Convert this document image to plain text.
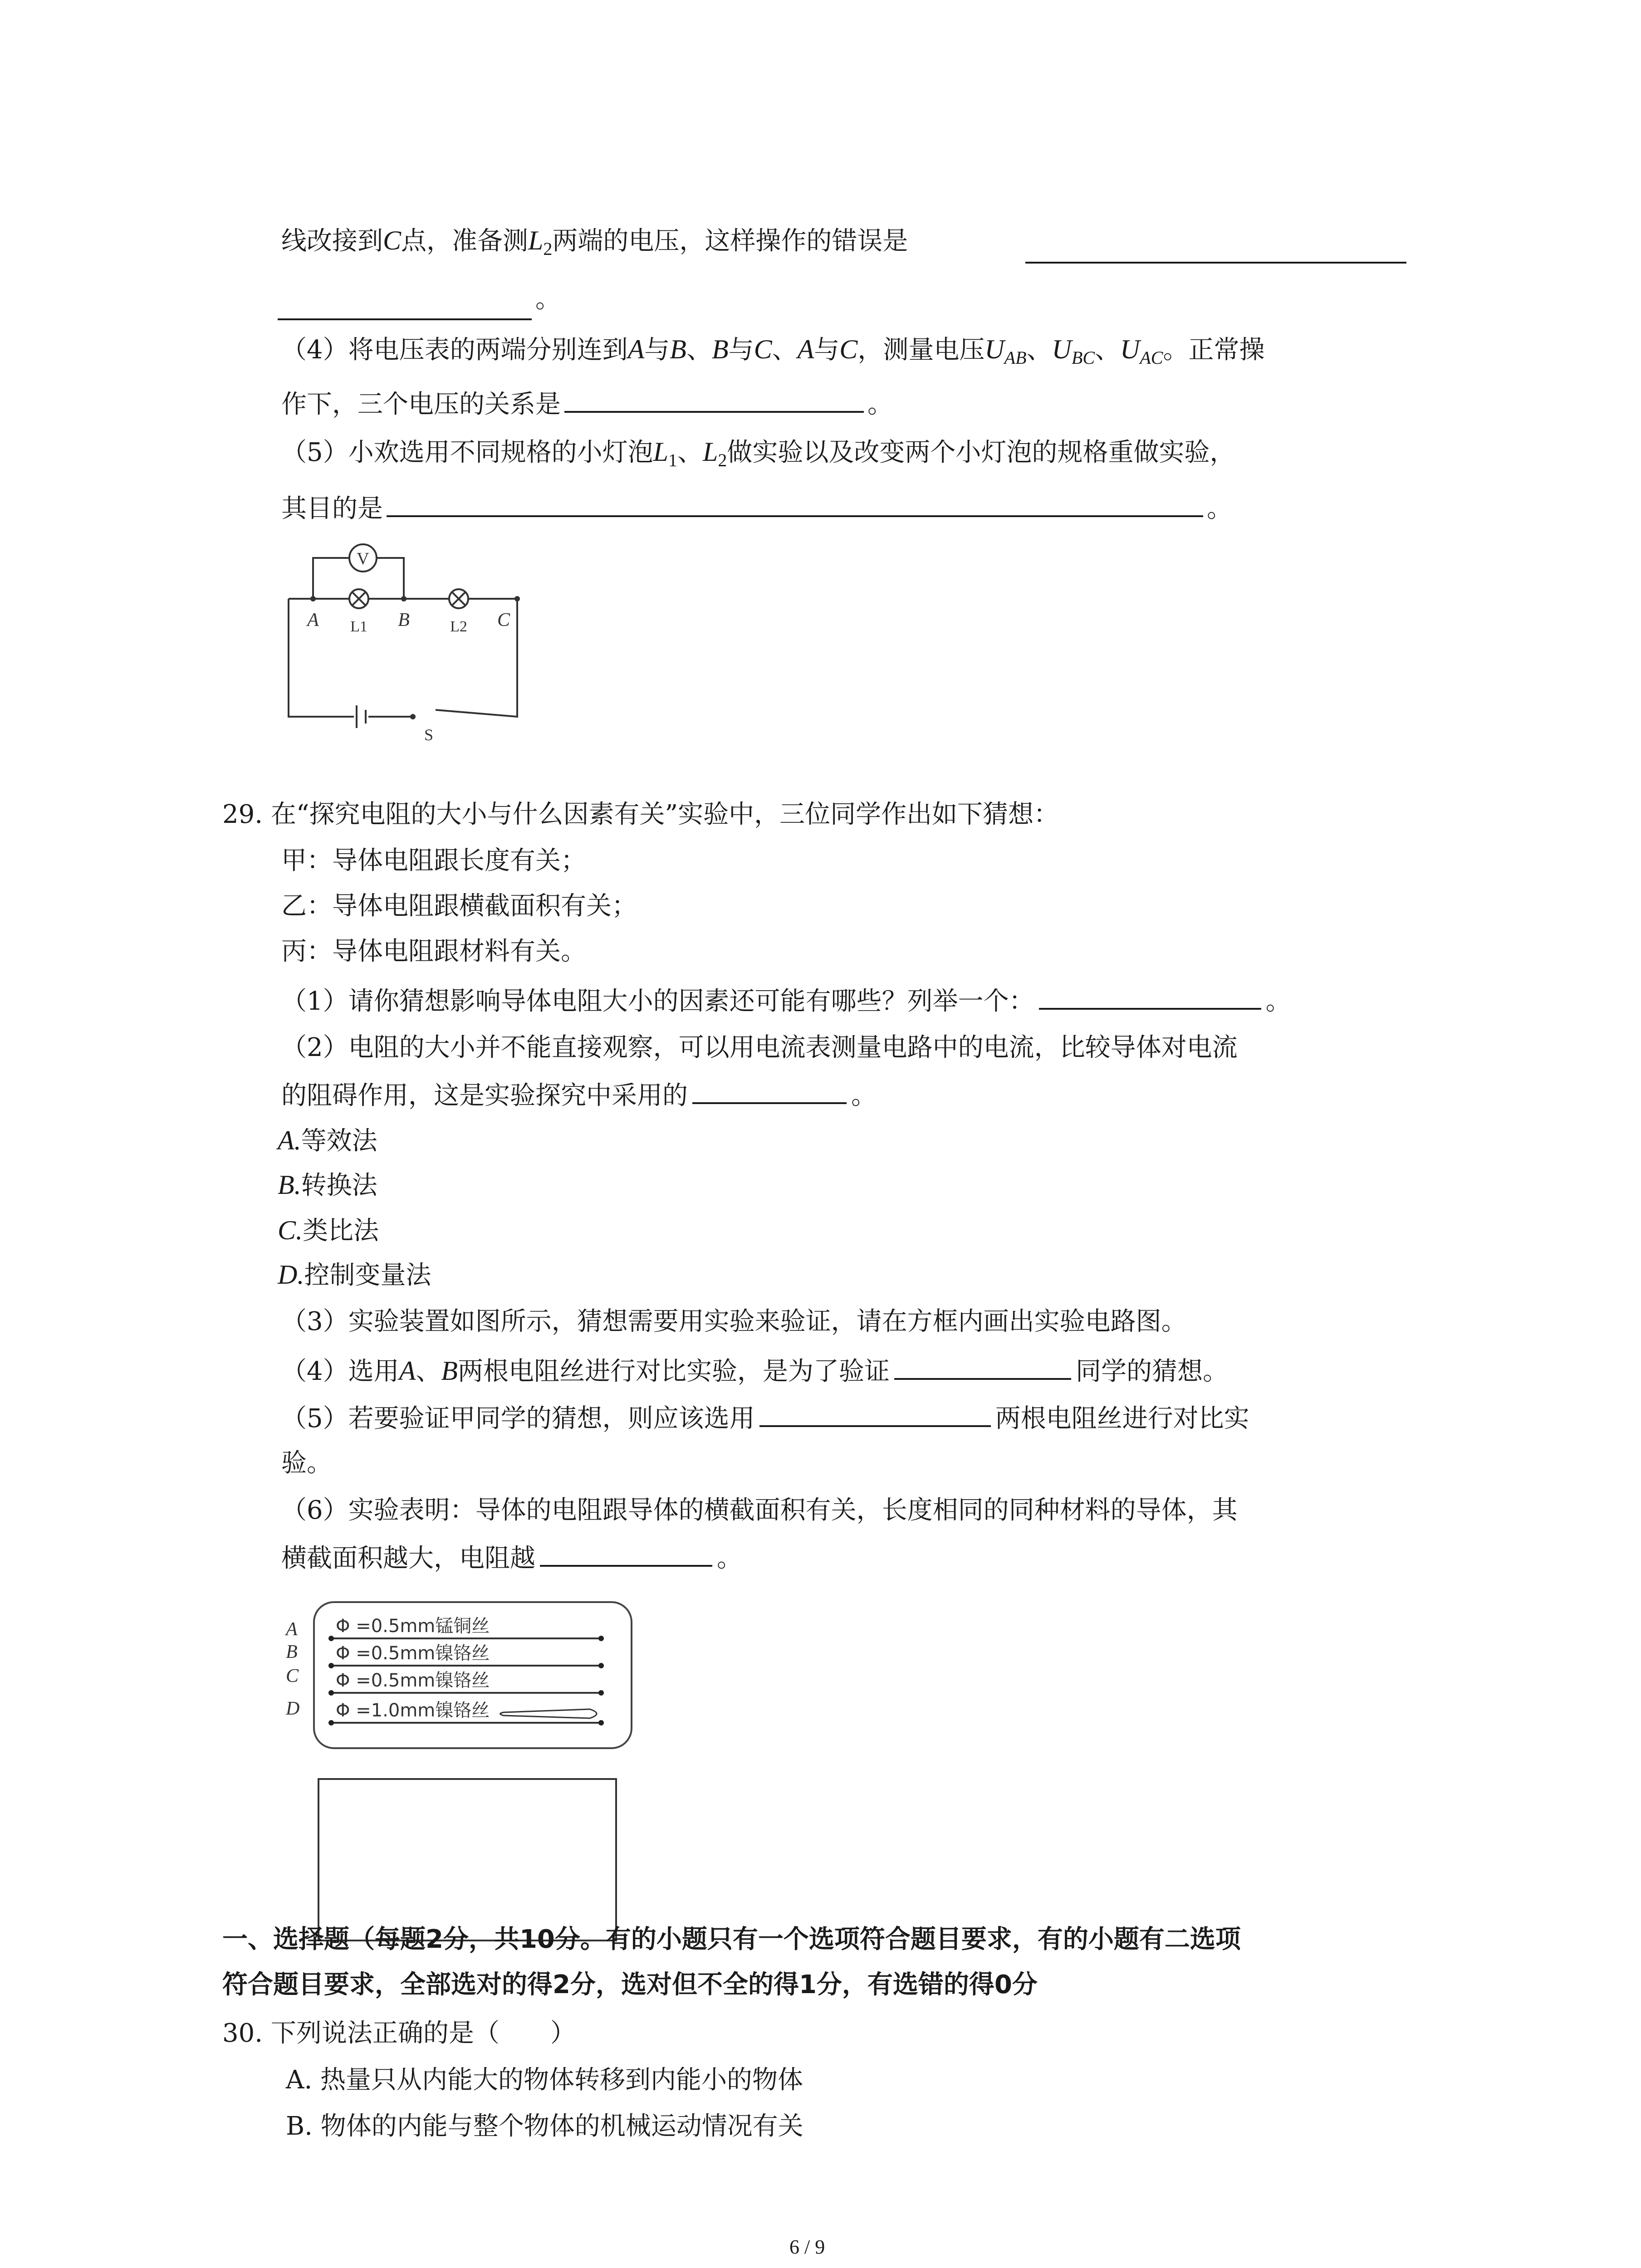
线改接到C点，准备测$L_2$两端的电压，这样操作的错误是
。
（4）将电压表的两端分别连到A与B、B与C、A与C，测量电压$U_{AB}$、$U_{BC}$、$U_{AC}$。正常操
作下，三个电压的关系是	。
（5）小欢选用不同规格的小灯泡$L_1$、$L_2$做实验以及改变两个小灯泡的规格重做实验，
其目的是	。
V
A	B	C
L1	L2
S
29. 在“探究电阻的大小与什么因素有关”实验中，三位同学作出如下猜想：
甲：导体电阻跟长度有关；
乙：导体电阻跟横截面积有关；
丙：导体电阻跟材料有关。
（1）请你猜想影响导体电阻大小的因素还可能有哪些？列举一个：	。
（2）电阻的大小并不能直接观察，可以用电流表测量电路中的电流，比较导体对电流
的阻碍作用，这是实验探究中采用的	。
A.等效法
B.转换法
C.类比法
D.控制变量法
（3）实验装置如图所示，猜想需要用实验来验证，请在方框内画出实验电路图。
（4）选用A、B两根电阻丝进行对比实验，是为了验证	同学的猜想。
（5）若要验证甲同学的猜想，则应该选用	两根电阻丝进行对比实
验。
（6）实验表明：导体的电阻跟导体的横截面积有关，长度相同的同种材料的导体，其
横截面积越大，电阻越	。
A
B
C
D
Φ =0.5mm锰铜丝
Φ =0.5mm镍铬丝
Φ =0.5mm镍铬丝
Φ =1.0mm镍铬丝
一、选择题（每题2分，共10分。有的小题只有一个选项符合题目要求，有的小题有二选项
符合题目要求，全部选对的得2分，选对但不全的得1分，有选错的得0分
30. 下列说法正确的是（　　）
A. 热量只从内能大的物体转移到内能小的物体
B. 物体的内能与整个物体的机械运动情况有关
6 / 9
